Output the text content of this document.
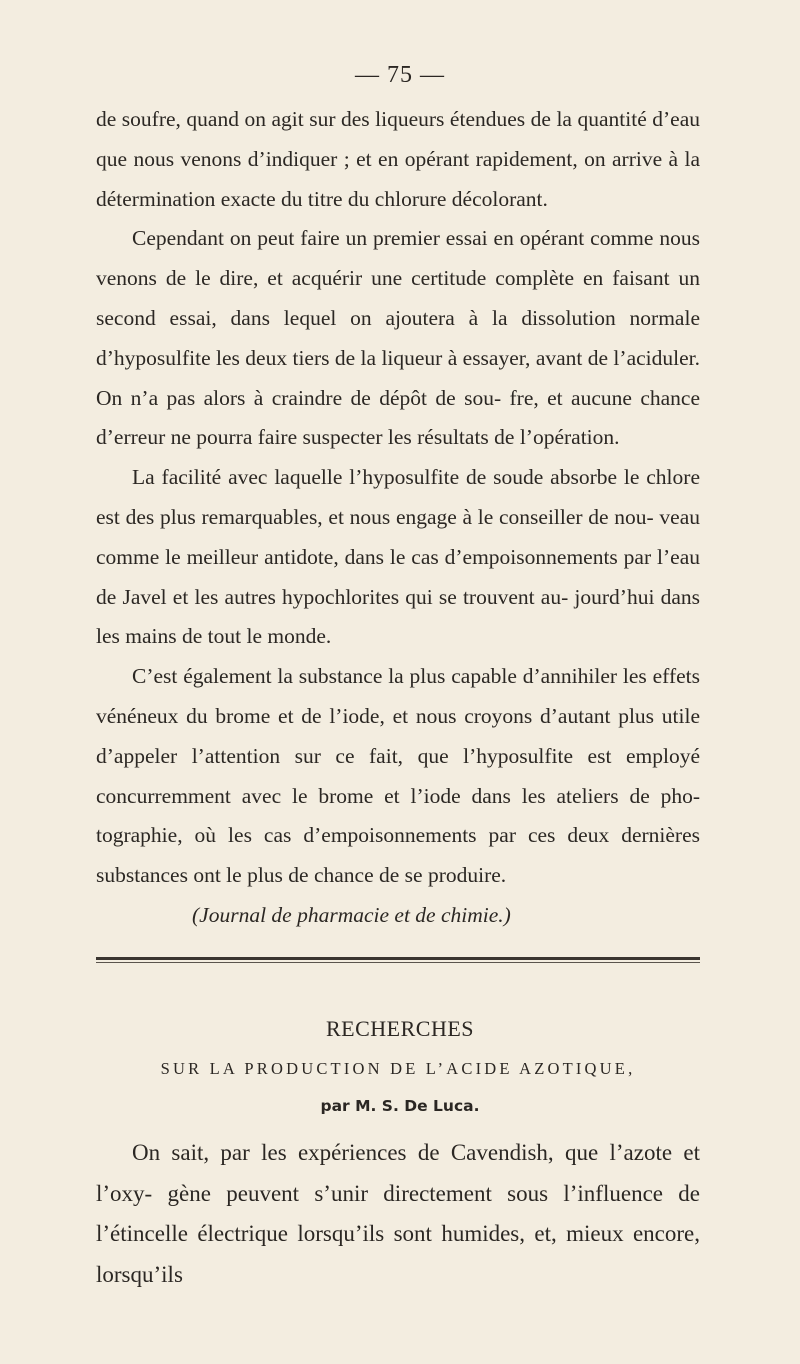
— 75 —

de soufre, quand on agit sur des liqueurs étendues de la quantité d’eau que nous venons d’indiquer ; et en opérant rapidement, on arrive à la détermination exacte du titre du chlorure décolorant.

Cependant on peut faire un premier essai en opérant comme nous venons de le dire, et acquérir une certitude complète en faisant un second essai, dans lequel on ajoutera à la dissolution normale d’hyposulfite les deux tiers de la liqueur à essayer, avant de l’aciduler. On n’a pas alors à craindre de dépôt de sou- fre, et aucune chance d’erreur ne pourra faire suspecter les résultats de l’opération.

La facilité avec laquelle l’hyposulfite de soude absorbe le chlore est des plus remarquables, et nous engage à le conseiller de nou- veau comme le meilleur antidote, dans le cas d’empoisonnements par l’eau de Javel et les autres hypochlorites qui se trouvent au- jourd’hui dans les mains de tout le monde.

C’est également la substance la plus capable d’annihiler les effets vénéneux du brome et de l’iode, et nous croyons d’autant plus utile d’appeler l’attention sur ce fait, que l’hyposulfite est employé concurremment avec le brome et l’iode dans les ateliers de pho- tographie, où les cas d’empoisonnements par ces deux dernières substances ont le plus de chance de se produire.

(Journal de pharmacie et de chimie.)

RECHERCHES
SUR LA PRODUCTION DE L’ACIDE AZOTIQUE,
par M. S. De Luca.

On sait, par les expériences de Cavendish, que l’azote et l’oxy- gène peuvent s’unir directement sous l’influence de l’étincelle électrique lorsqu’ils sont humides, et, mieux encore, lorsqu’ils
